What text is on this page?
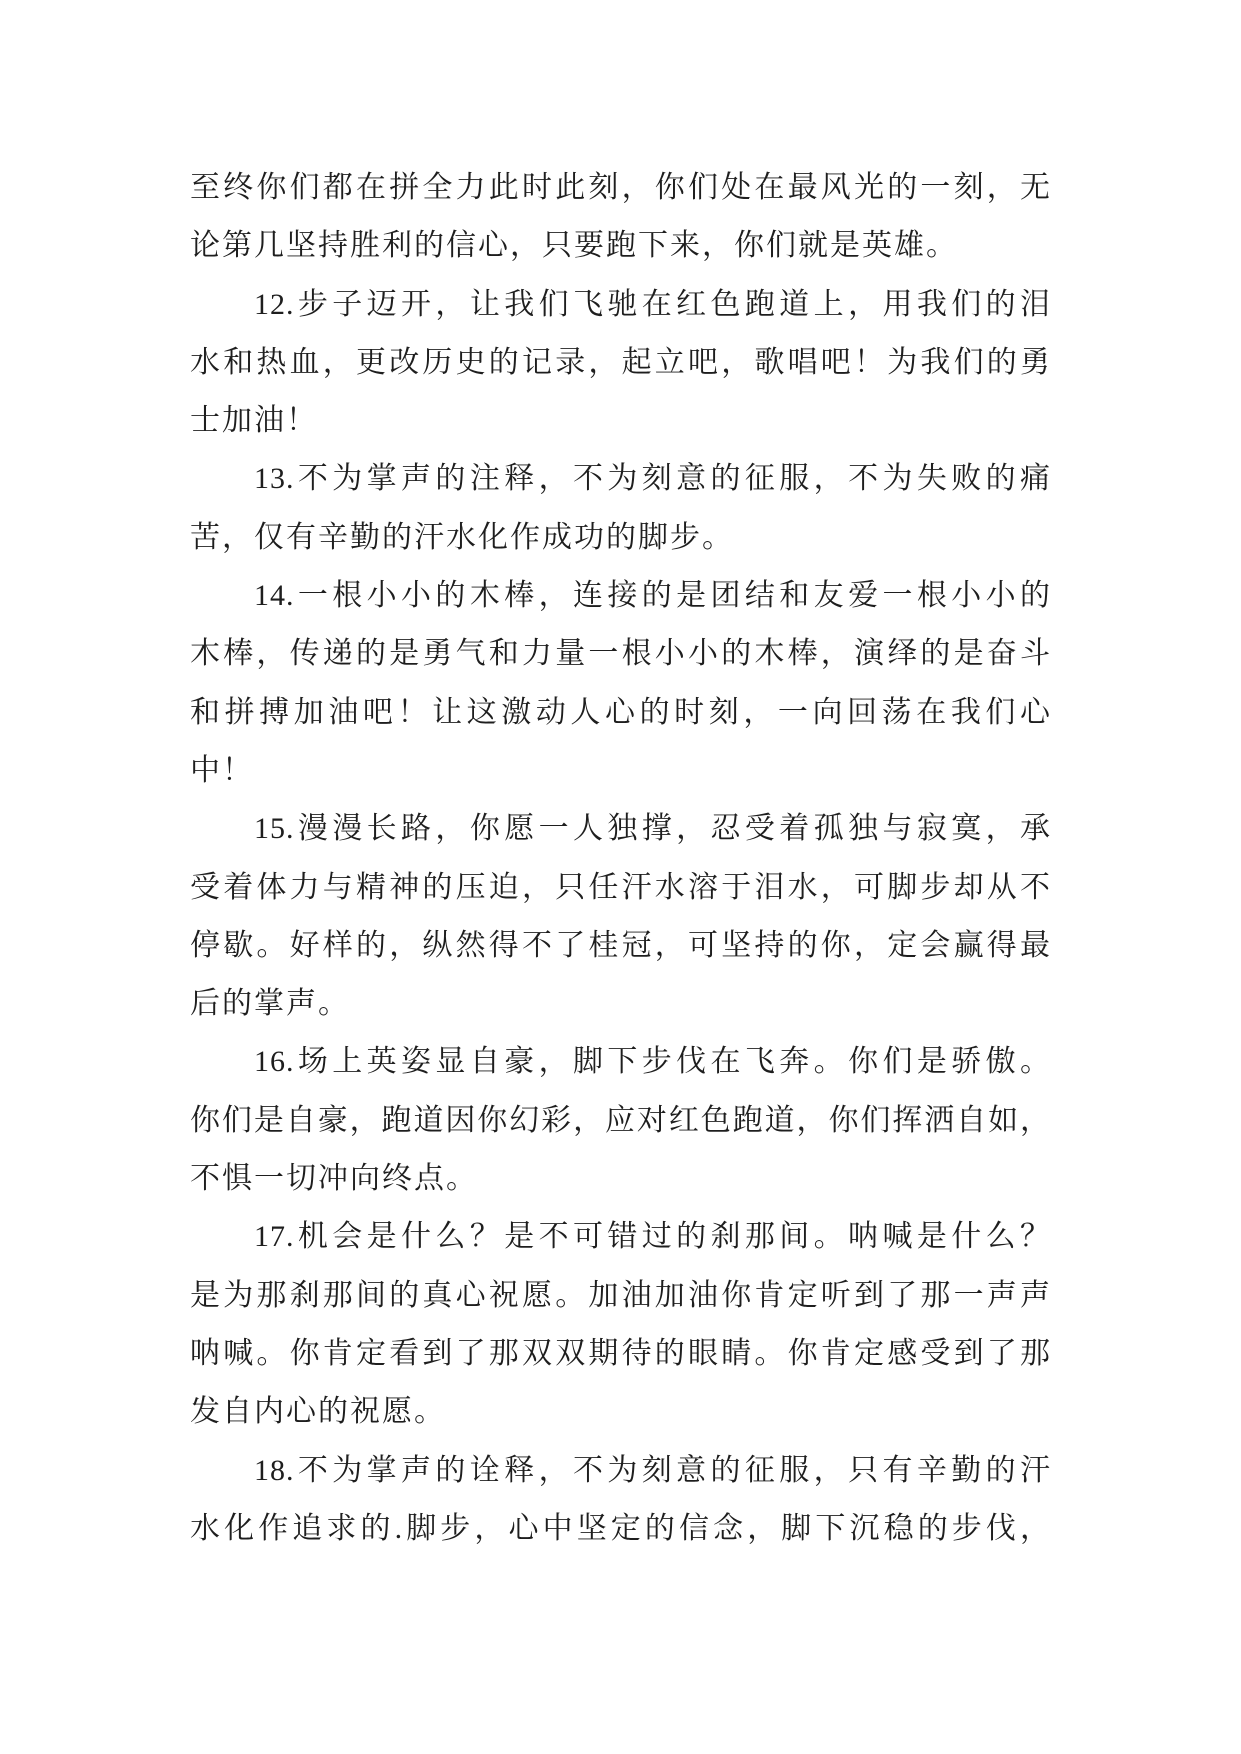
至终你们都在拼全力此时此刻，你们处在最风光的一刻，无
论第几坚持胜利的信心，只要跑下来，你们就是英雄。
12.步子迈开，让我们飞驰在红色跑道上，用我们的泪
水和热血，更改历史的记录，起立吧，歌唱吧！为我们的勇
士加油！
13.不为掌声的注释，不为刻意的征服，不为失败的痛
苦，仅有辛勤的汗水化作成功的脚步。
14.一根小小的木棒，连接的是团结和友爱一根小小的
木棒，传递的是勇气和力量一根小小的木棒，演绎的是奋斗
和拼搏加油吧！让这激动人心的时刻，一向回荡在我们心
中！
15.漫漫长路，你愿一人独撑，忍受着孤独与寂寞，承
受着体力与精神的压迫，只任汗水溶于泪水，可脚步却从不
停歇。好样的，纵然得不了桂冠，可坚持的你，定会赢得最
后的掌声。
16.场上英姿显自豪，脚下步伐在飞奔。你们是骄傲。
你们是自豪，跑道因你幻彩，应对红色跑道，你们挥洒自如，
不惧一切冲向终点。
17.机会是什么？是不可错过的刹那间。呐喊是什么？
是为那刹那间的真心祝愿。加油加油你肯定听到了那一声声
呐喊。你肯定看到了那双双期待的眼睛。你肯定感受到了那
发自内心的祝愿。
18.不为掌声的诠释，不为刻意的征服，只有辛勤的汗
水化作追求的.脚步，心中坚定的信念，脚下沉稳的步伐，
